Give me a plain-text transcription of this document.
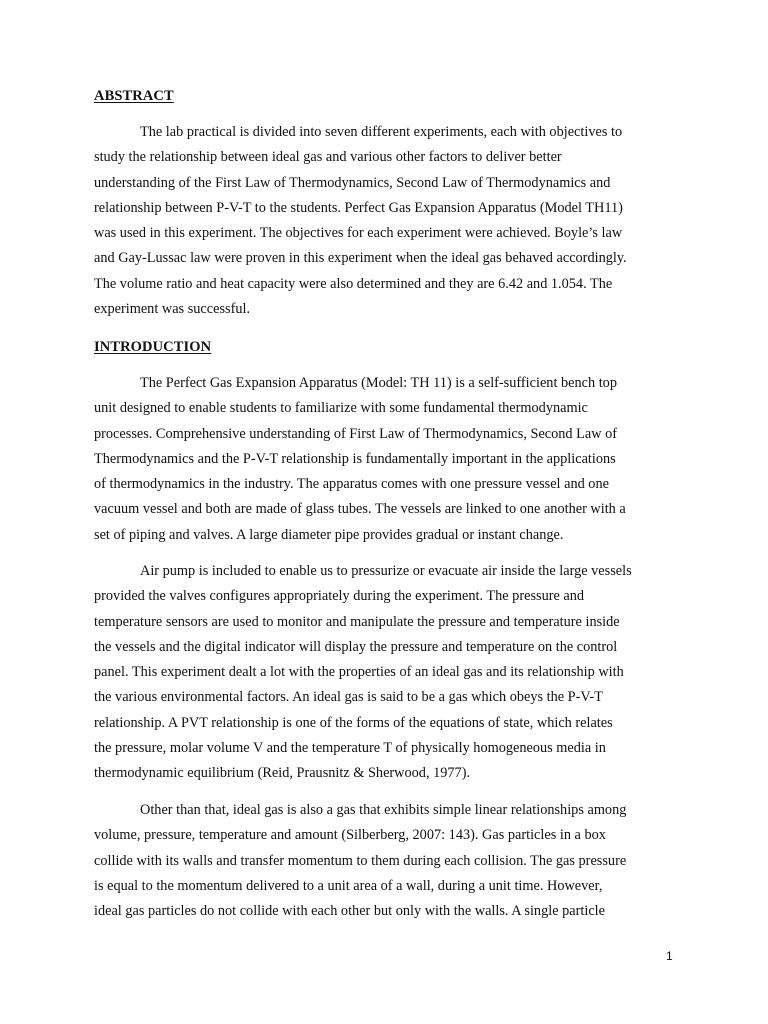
ABSTRACT
The lab practical is divided into seven different experiments, each with objectives to
study the relationship between ideal gas and various other factors to deliver better
understanding of the First Law of Thermodynamics, Second Law of Thermodynamics and
relationship between P-V-T to the students. Perfect Gas Expansion Apparatus (Model TH11)
was used in this experiment. The objectives for each experiment were achieved. Boyle’s law
and Gay-Lussac law were proven in this experiment when the ideal gas behaved accordingly.
The volume ratio and heat capacity were also determined and they are 6.42 and 1.054. The
experiment was successful.
INTRODUCTION
The Perfect Gas Expansion Apparatus (Model: TH 11) is a self-sufficient bench top
unit designed to enable students to familiarize with some fundamental thermodynamic
processes. Comprehensive understanding of First Law of Thermodynamics, Second Law of
Thermodynamics and the P-V-T relationship is fundamentally important in the applications
of thermodynamics in the industry. The apparatus comes with one pressure vessel and one
vacuum vessel and both are made of glass tubes. The vessels are linked to one another with a
set of piping and valves. A large diameter pipe provides gradual or instant change.
Air pump is included to enable us to pressurize or evacuate air inside the large vessels
provided the valves configures appropriately during the experiment. The pressure and
temperature sensors are used to monitor and manipulate the pressure and temperature inside
the vessels and the digital indicator will display the pressure and temperature on the control
panel. This experiment dealt a lot with the properties of an ideal gas and its relationship with
the various environmental factors. An ideal gas is said to be a gas which obeys the P-V-T
relationship. A PVT relationship is one of the forms of the equations of state, which relates
the pressure, molar volume V and the temperature T of physically homogeneous media in
thermodynamic equilibrium (Reid, Prausnitz & Sherwood, 1977).
Other than that, ideal gas is also a gas that exhibits simple linear relationships among
volume, pressure, temperature and amount (Silberberg, 2007: 143). Gas particles in a box
collide with its walls and transfer momentum to them during each collision. The gas pressure
is equal to the momentum delivered to a unit area of a wall, during a unit time. However,
ideal gas particles do not collide with each other but only with the walls. A single particle
1
